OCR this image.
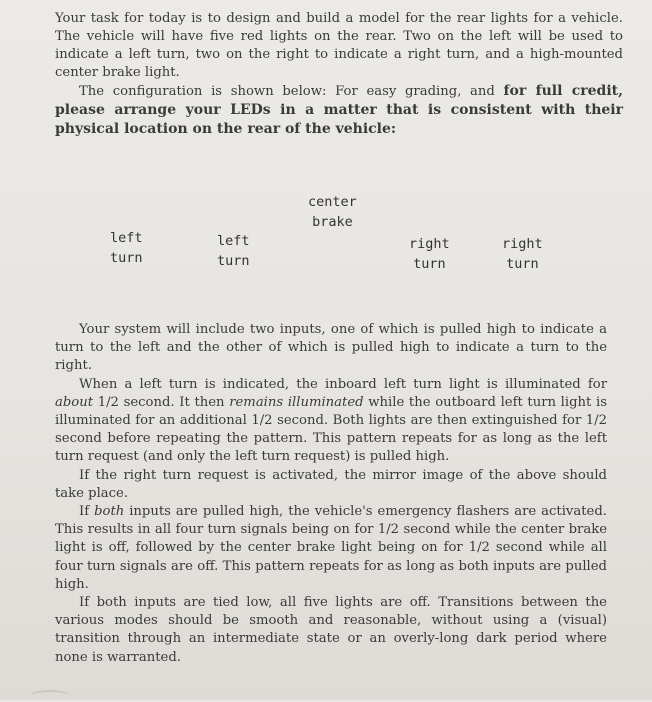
Your task for today is to design and build a model for the rear lights for a vehicle. The vehicle will have five red lights on the rear. Two on the left will be used to indicate a left turn, two on the right to indicate a right turn, and a high-mounted center brake light.

The configuration is shown below: For easy grading, and for full credit, please arrange your LEDs in a matter that is consistent with their physical location on the rear of the vehicle:

center
brake
left
turn
left
turn
right
turn
right
turn

Your system will include two inputs, one of which is pulled high to indicate a turn to the left and the other of which is pulled high to indicate a turn to the right.

When a left turn is indicated, the inboard left turn light is illuminated for about 1/2 second. It then remains illuminated while the outboard left turn light is illuminated for an additional 1/2 second. Both lights are then extinguished for 1/2 second before repeating the pattern. This pattern repeats for as long as the left turn request (and only the left turn request) is pulled high.

If the right turn request is activated, the mirror image of the above should take place.

If both inputs are pulled high, the vehicle's emergency flashers are activated. This results in all four turn signals being on for 1/2 second while the center brake light is off, followed by the center brake light being on for 1/2 second while all four turn signals are off. This pattern repeats for as long as both inputs are pulled high.

If both inputs are tied low, all five lights are off. Transitions between the various modes should be smooth and reasonable, without using a (visual) transition through an intermediate state or an overly-long dark period where none is warranted.
